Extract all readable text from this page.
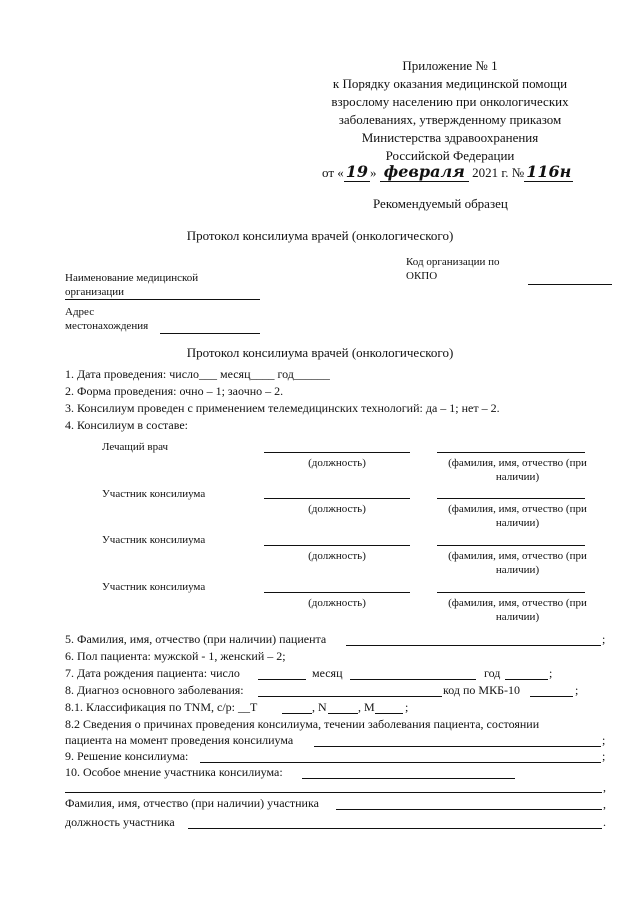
Приложение № 1
к Порядку оказания медицинской помощи
взрослому населению при онкологических
заболеваниях, утвержденному приказом
Министерства здравоохранения
Российской Федерации
от « 19 » февраля 2021 г. № 116н
Рекомендуемый образец
Протокол консилиума врачей (онкологического)
Наименование медицинской
организации
Код организации по
ОКПО
Адрес
местонахождения
Протокол консилиума врачей (онкологического)
1. Дата проведения: число___ месяц____ год______
2. Форма проведения: очно – 1; заочно – 2.
3. Консилиум проведен с применением телемедицинских технологий: да – 1; нет – 2.
4. Консилиум в составе:
Лечащий врач
(должность)	(фамилия, имя, отчество (при
наличии)
Участник консилиума
(должность)	(фамилия, имя, отчество (при
наличии)
Участник консилиума
(должность)	(фамилия, имя, отчество (при
наличии)
Участник консилиума
(должность)	(фамилия, имя, отчество (при
наличии)
5. Фамилия, имя, отчество (при наличии) пациента	;
6. Пол пациента: мужской - 1, женский – 2;
7. Дата рождения пациента: число	месяц	год	;
8. Диагноз основного заболевания:	код по МКБ-10	;
8.1. Классификация по TNM, с/р: __T	, N	, M	;
8.2 Сведения о причинах проведения консилиума, течении заболевания пациента, состоянии
пациента на момент проведения консилиума	;
9. Решение консилиума:	;
10. Особое мнение участника консилиума:
,
Фамилия, имя, отчество (при наличии) участника	,
должность участника	.
